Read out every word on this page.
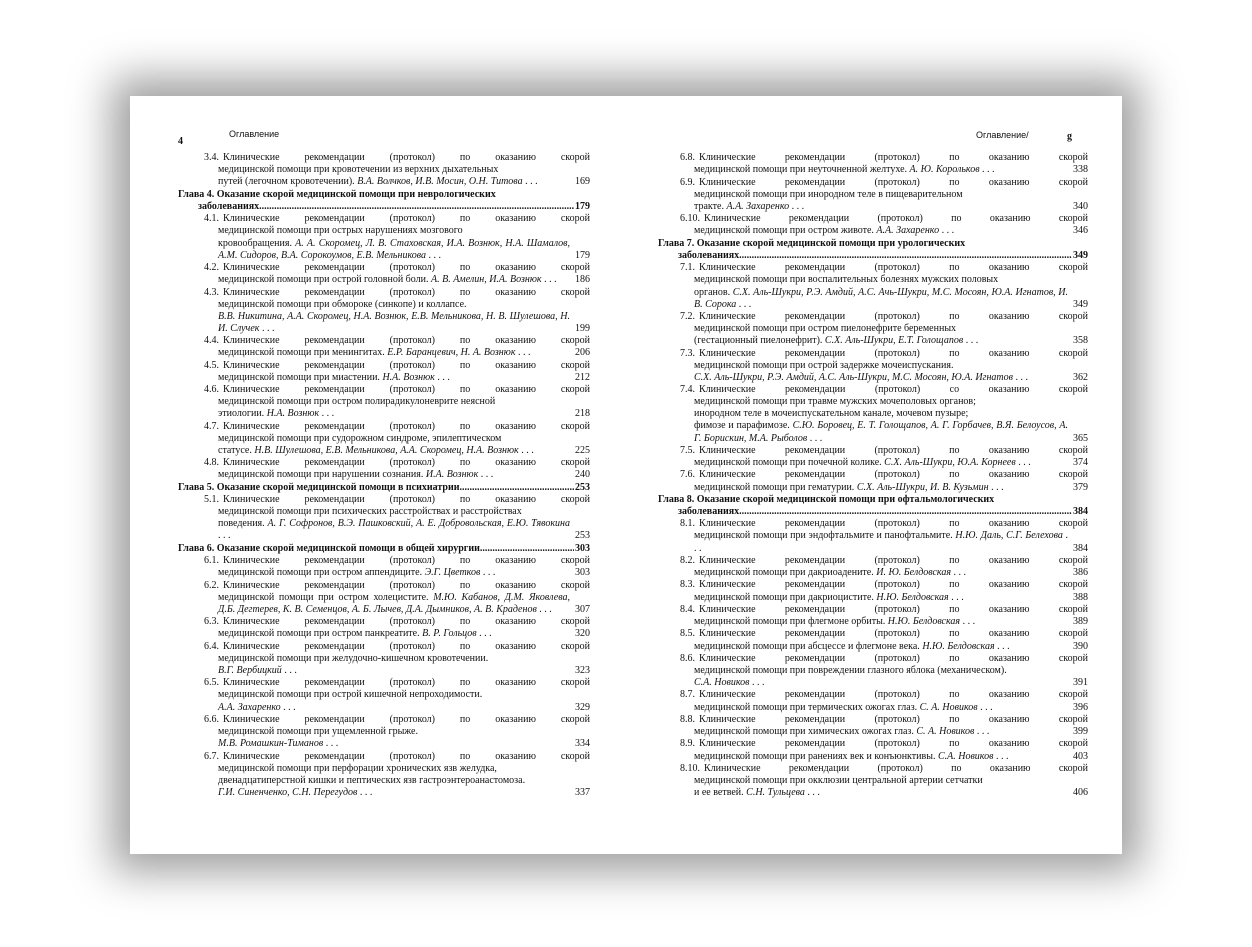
4
Оглавление
3.4. Клинические рекомендации (протокол) по оказанию скорой
медицинской помощи при кровотечении из верхних дыхательных
путей (легочном кровотечении). В.А. Волчков, И.В. Мосин, О.Н. Титова . . .	169
Глава 4. Оказание скорой медицинской помощи при неврологических
заболеваниях .....	179
4.1. Клинические рекомендации (протокол) по оказанию скорой
медицинской помощи при острых нарушениях мозгового
кровообращения. А. А. Скоромец, Л. В. Стаховская, И.А. Вознюк, Н.А. Шамалов, А.М. Сидоров, В.А. Сорокоумов, Е.В. Мельникова . . .	179
4.2. Клинические рекомендации (протокол) по оказанию скорой
медицинской помощи при острой головной боли. А. В. Амелин, И.А. Вознюк . . . 186
4.3. Клинические рекомендации (протокол) по оказанию скорой
медицинской помощи при обмороке (синкопе) и коллапсе.
В.В. Никитина, А.А. Скоромец, Н.А. Вознюк, Е.В. Мельникова, Н. В. Шулешова, Н. И. Случек . . .	199
4.4. Клинические рекомендации (протокол) по оказанию скорой
медицинской помощи при менингитах. Е.Р. Баранцевич, Н. А. Вознюк . . .	206
4.5. Клинические рекомендации (протокол) по оказанию скорой
медицинской помощи при миастении. Н.А. Вознюк . . .	212
4.6. Клинические рекомендации (протокол) по оказанию скорой
медицинской помощи при остром полирадикулоневрите неясной
этиологии. Н.А. Вознюк . . .	218
4.7. Клинические рекомендации (протокол) по оказанию скорой
медицинской помощи при судорожном синдроме, эпилептическом
статусе. Н.В. Шулешова, Е.В. Мельникова, А.А. Скоромец, Н.А. Вознюк . . .	225
4.8. Клинические рекомендации (протокол) по оказанию скорой
медицинской помощи при нарушении сознания. И.А. Вознюк . . .	240
Глава 5. Оказание скорой медицинской помощи в психиатрии .....	253
5.1. Клинические рекомендации (протокол) по оказанию скорой
медицинской помощи при психических расстройствах и расстройствах
поведения. А. Г. Софронов, В.Э. Пашковский, А. Е. Добровольская, Е.Ю. Тявокина . . .	253
Глава 6. Оказание скорой медицинской помощи в общей хирургии .....	303
6.1. Клинические рекомендации (протокол) по оказанию скорой
медицинской помощи при остром аппендиците. Э.Г. Цветков . . .	303
6.2. Клинические рекомендации (протокол) по оказанию скорой
медицинской помощи при остром холецистите. М.Ю. Кабанов, Д.М. Яковлева, Д.Б. Дегтерев, К. В. Семенцов, А. Б. Лычев, Д.А. Дымников, А. В. Краденов . . . 307
6.3. Клинические рекомендации (протокол) по оказанию скорой
медицинской помощи при остром панкреатите. В. Р. Гольцов . . .	320
6.4. Клинические рекомендации (протокол) по оказанию скорой
медицинской помощи при желудочно-кишечном кровотечении.
В.Г. Вербицкий . . .	323
6.5. Клинические рекомендации (протокол) по оказанию скорой
медицинской помощи при острой кишечной непроходимости.
А.А. Захаренко . . .	329
6.6. Клинические рекомендации (протокол) по оказанию скорой
медицинской помощи при ущемленной грыже.
М.В. Ромашкин-Тиманов . . .	334
6.7. Клинические рекомендации (протокол) по оказанию скорой
медицинской помощи при перфорации хронических язв желудка,
двенадцатиперстной кишки и пептических язв гастроэнтероанастомоза.
Г.И. Синенченко, С.Н. Перегудов . . .	337
Оглавление/	g
6.8. Клинические рекомендации (протокол) по оказанию скорой
медицинской помощи при неуточненной желтухе. А. Ю. Корольков . . .	338
6.9. Клинические рекомендации (протокол) по оказанию скорой
медицинской помощи при инородном теле в пищеварительном
тракте. А.А. Захаренко . . .	340
6.10. Клинические рекомендации (протокол) по оказанию скорой
медицинской помощи при остром животе. А.А. Захаренко . . .	346
Глава 7. Оказание скорой медицинской помощи при урологических
заболеваниях .....	349
7.1. Клинические рекомендации (протокол) по оказанию скорой
медицинской помощи при воспалительных болезнях мужских половых
органов. С.Х. Аль-Шукри, Р.Э. Амдий, А.С. Ачь-Шукри, М.С. Мосоян, Ю.А. Игнатов, И. В. Сорока . . .	349
7.2. Клинические рекомендации (протокол) по оказанию скорой
медицинской помощи при остром пиелонефрите беременных
(гестационный пиелонефрит). С.Х. Аль-Шукри, Е.Т. Голощапов . . .	358
7.3. Клинические рекомендации (протокол) по оказанию скорой
медицинской помощи при острой задержке мочеиспускания.
С.Х. Аль-Шукри, Р.Э. Амдий, А.С. Аль-Шукри, М.С. Мосоян, Ю.А. Игнатов . . .	362
7.4. Клинические рекомендации (протокол) со оказанию скорой
медицинской помощи при травме мужских мочеполовых органов;
инородном теле в мочеиспускательном канале, мочевом пузыре;
фимозе и парафимозе. С.Ю. Боровец, Е. Т. Голощапов, А. Г. Горбачев, В.Я. Белоусов, А. Г. Борискин, М.А. Рыболов . . .	365
7.5. Клинические рекомендации (протокол) по оказанию скорой
медицинской помощи при почечной колике. С.Х. Аль-Шукри, Ю.А. Корнеев . . .	374
7.6. Клинические рекомендации (протокол) по оказанию скорой
медицинской помощи при гематурии. С.Х. Аль-Шукри, И. В. Кузьмин . . .	379
Глава 8. Оказание скорой медицинской помощи при офтальмологических
заболеваниях .....	384
8.1. Клинические рекомендации (протокол) по оказанию скорой
медицинской помощи при эндофтальмите и панофтальмите. Н.Ю. Даль, С.Г. Белехова . . .	384
8.2. Клинические рекомендации (протокол) по оказанию скорой
медицинской помощи при дакриоадените. И. Ю. Белдовская . . .	386
8.3. Клинические рекомендации (протокол) по оказанию скорой
медицинской помощи при дакриоцистите. Н.Ю. Белдовская . . .	388
8.4. Клинические рекомендации (протокол) по оказанию скорой
медицинской помощи при флегмоне орбиты. Н.Ю. Белдовская . . .	389
8.5. Клинические рекомендации (протокол) по оказанию скорой
медицинской помощи при абсцессе и флегмоне века. Н.Ю. Белдовская . . .	390
8.6. Клинические рекомендации (протокол) по оказанию скорой
медицинской помощи при повреждении глазного яблока (механическом).
С.А. Новиков . . .	391
8.7. Клинические рекомендации (протокол) по оказанию скорой
медицинской помощи при термических ожогах глаз. С. А. Новиков . . .	396
8.8. Клинические рекомендации (протокол) по оказанию скорой
медицинской помощи при химических ожогах глаз. С. А. Новиков . . .	399
8.9. Клинические рекомендации (протокол) по оказанию скорой
медицинской помощи при ранениях век и конъюнктивы. С.А. Новиков . . .	403
8.10. Клинические рекомендации (протокол) по оказанию скорой
медицинской помощи при окклюзии центральной артерии сетчатки
и ее ветвей. С.Н. Тульцева . . .	406
